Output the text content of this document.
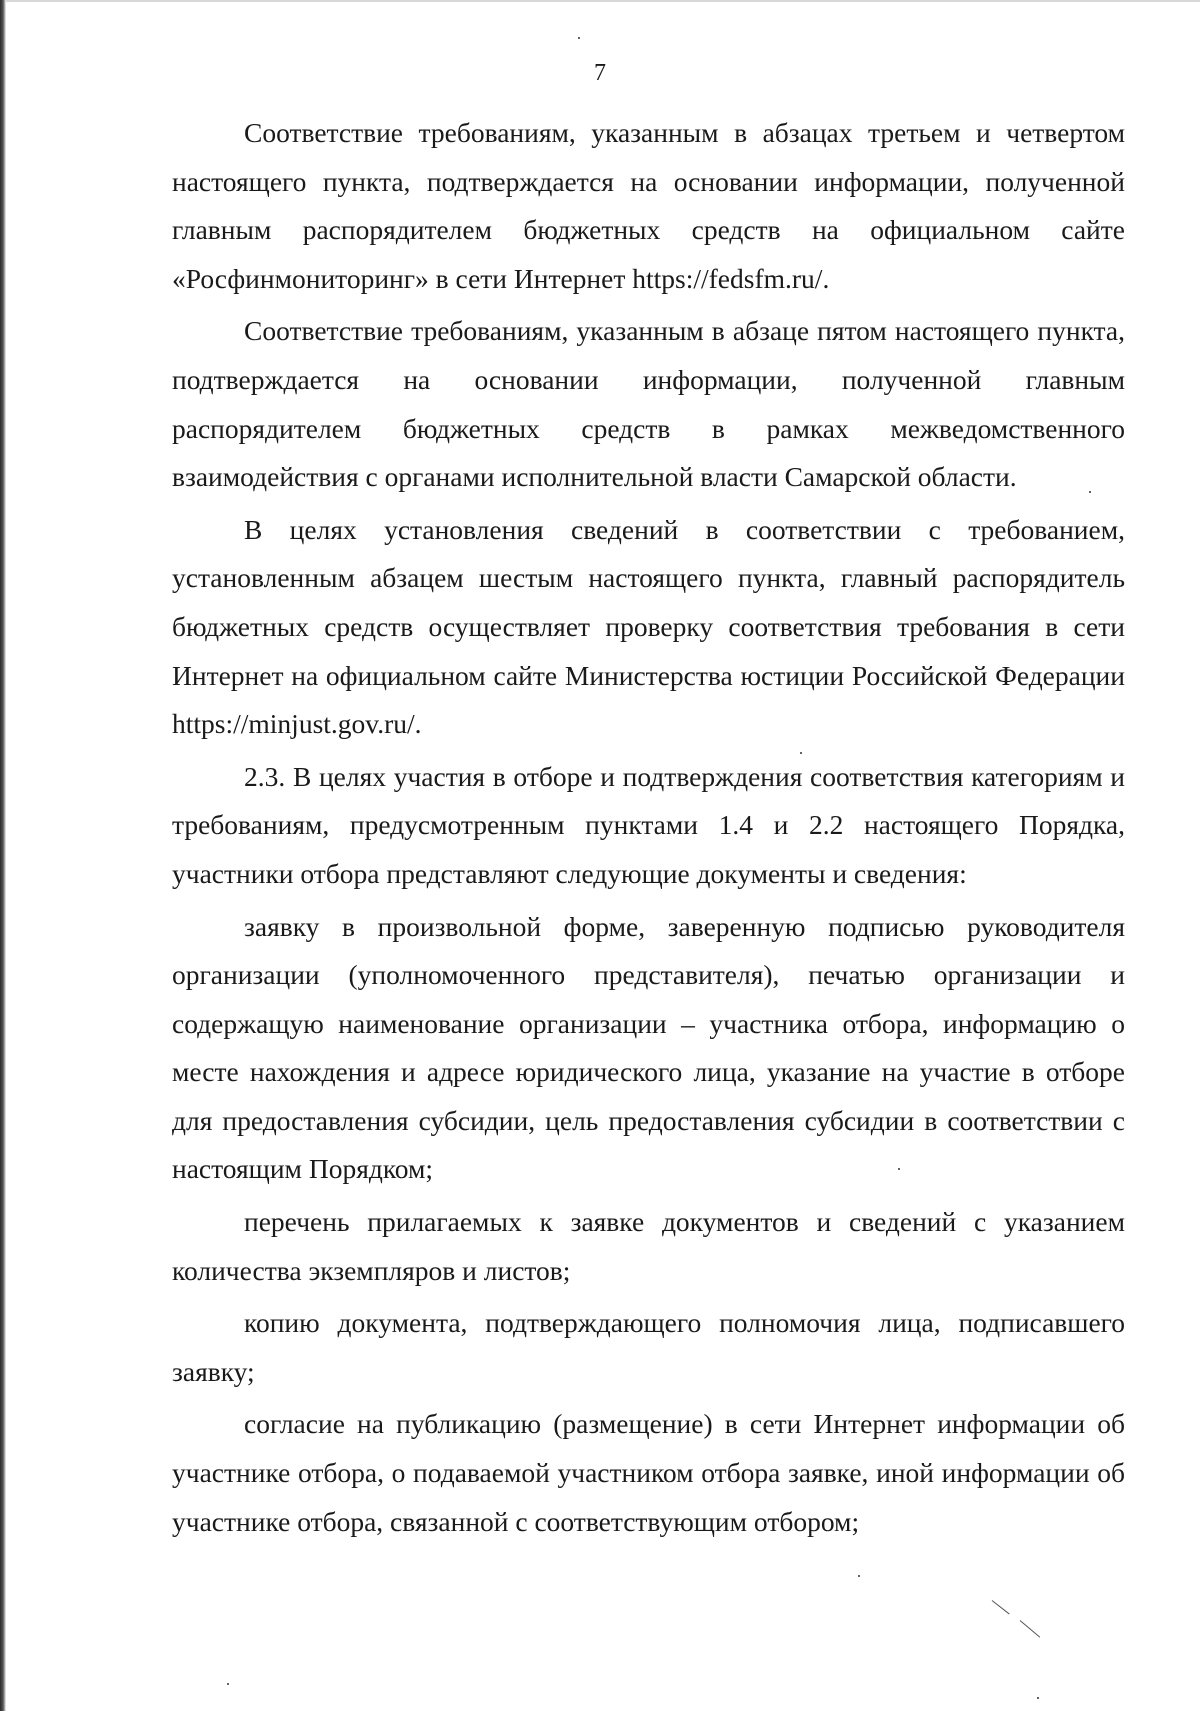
7

Соответствие требованиям, указанным в абзацах третьем и четвертом настоящего пункта, подтверждается на основании информации, полученной главным распорядителем бюджетных средств на официальном сайте «Росфинмониторинг» в сети Интернет https://fedsfm.ru/.

Соответствие требованиям, указанным в абзаце пятом настоящего пункта, подтверждается на основании информации, полученной главным распорядителем бюджетных средств в рамках межведомственного взаимодействия с органами исполнительной власти Самарской области.

В целях установления сведений в соответствии с требованием, установленным абзацем шестым настоящего пункта, главный распорядитель бюджетных средств осуществляет проверку соответствия требования в сети Интернет на официальном сайте Министерства юстиции Российской Федерации https://minjust.gov.ru/.

2.3. В целях участия в отборе и подтверждения соответствия категориям и требованиям, предусмотренным пунктами 1.4 и 2.2 настоящего Порядка, участники отбора представляют следующие документы и сведения:

заявку в произвольной форме, заверенную подписью руководителя организации (уполномоченного представителя), печатью организации и содержащую наименование организации – участника отбора, информацию о месте нахождения и адресе юридического лица, указание на участие в отборе для предоставления субсидии, цель предоставления субсидии в соответствии с настоящим Порядком;

перечень прилагаемых к заявке документов и сведений с указанием количества экземпляров и листов;

копию документа, подтверждающего полномочия лица, подписавшего заявку;

согласие на публикацию (размещение) в сети Интернет информации об участнике отбора, о подаваемой участником отбора заявке, иной информации об участнике отбора, связанной с соответствующим отбором;
